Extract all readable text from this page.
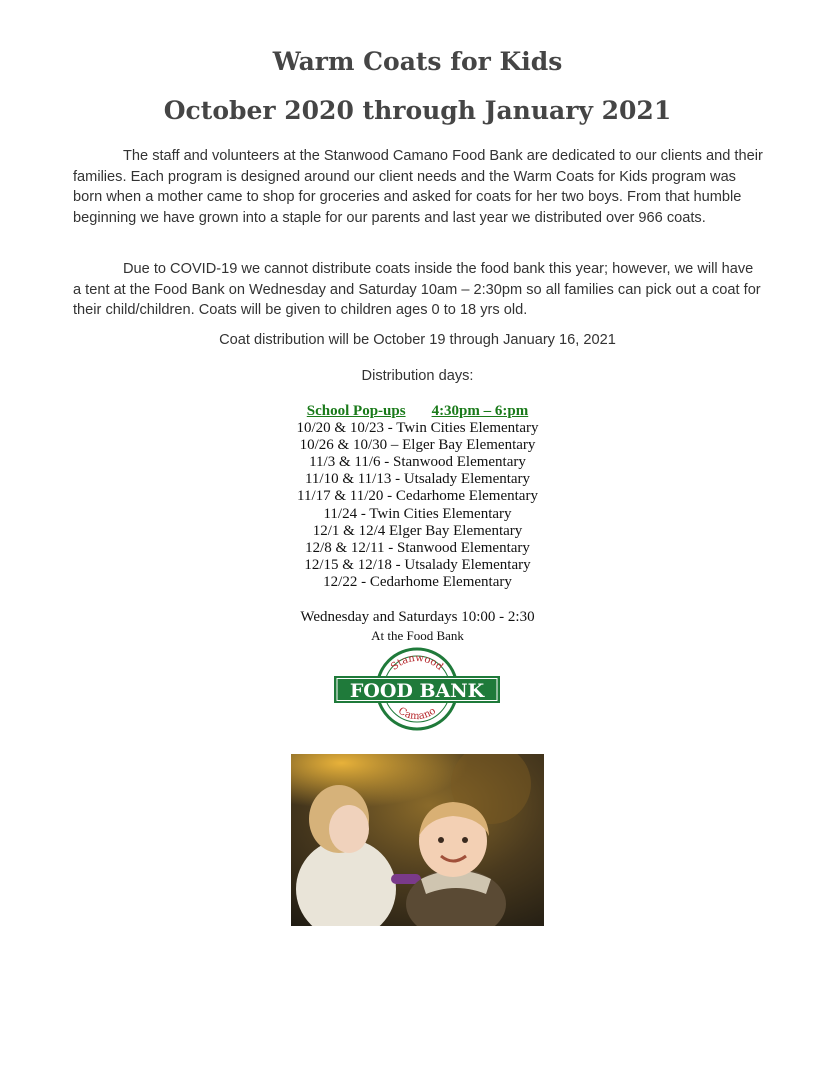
Warm Coats for Kids
October 2020 through January 2021

The staff and volunteers at the Stanwood Camano Food Bank are dedicated to our clients and their families. Each program is designed around our client needs and the Warm Coats for Kids program was born when a mother came to shop for groceries and asked for coats for her two boys. From that humble beginning we have grown into a staple for our parents and last year we distributed over 966 coats.

Due to COVID-19 we cannot distribute coats inside the food bank this year; however, we will have a tent at the Food Bank on Wednesday and Saturday 10am – 2:30pm so all families can pick out a coat for their child/children. Coats will be given to children ages 0 to 18 yrs old.

Coat distribution will be October 19 through January 16, 2021

Distribution days:

School Pop-ups 4:30pm – 6:pm
10/20 & 10/23 - Twin Cities Elementary
10/26 & 10/30 – Elger Bay Elementary
11/3 & 11/6 - Stanwood Elementary
11/10 & 11/13 - Utsalady Elementary
11/17 & 11/20 - Cedarhome Elementary
11/24 - Twin Cities Elementary
12/1 & 12/4 Elger Bay Elementary
12/8 & 12/11 - Stanwood Elementary
12/15 & 12/18 - Utsalady Elementary
12/22 - Cedarhome Elementary
Wednesday and Saturdays 10:00 - 2:30
At the Food Bank
FOOD BANK
Stanwood
Camano
